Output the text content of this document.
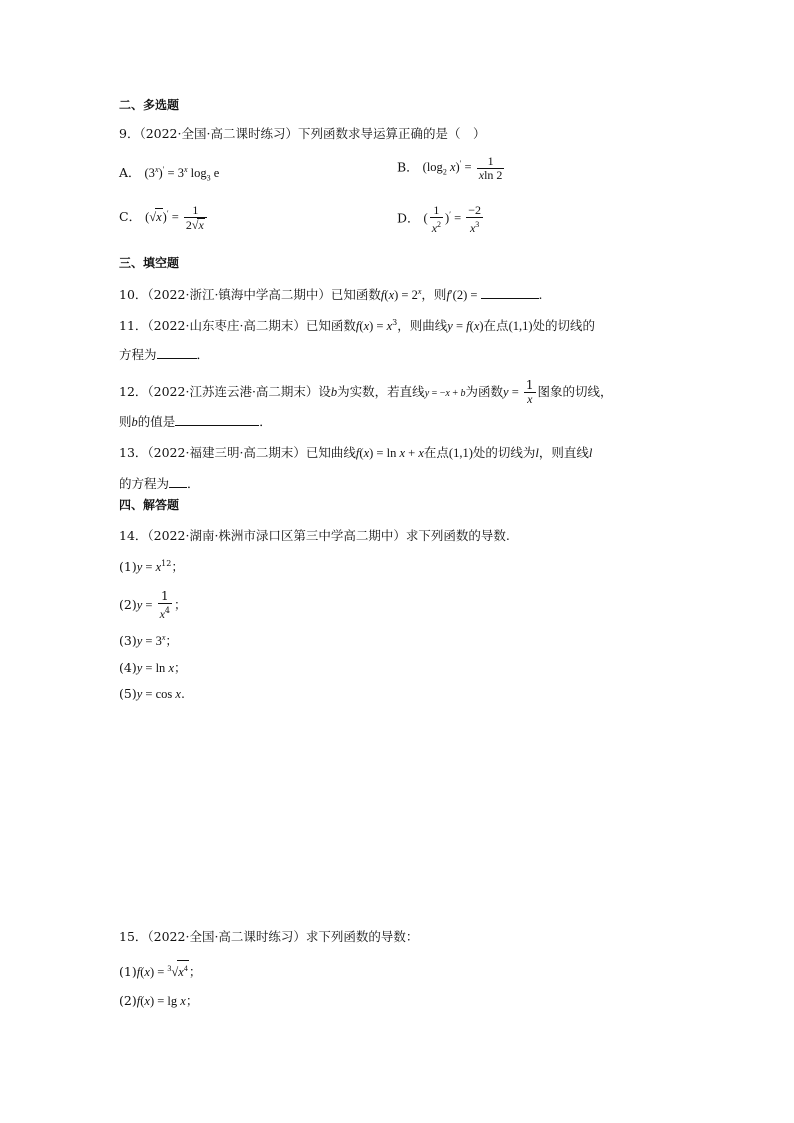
二、多选题
9．（2022·全国·高二课时练习）下列函数求导运算正确的是（　）
A． $(3^x)' = 3^x$ $\log_3 e$	B． ($\log_2$ $x)' = \frac{1}{xln 2}$
C． $(√x)' = \frac{1}{2√x}$	D． ( $\frac{1}{x^2} )' = \frac{-2}{x^3}$
三、填空题
10．（2022·浙江·镇海中学高二期中）已知函数$f(x) = 2^x$，则f′(2) =	.
11．（2022·山东枣庄·高二期末）已知函数$f(x) = x^3$，则曲线y = f(x)在点(1,1)处的切线的
方程为	．
12．（2022·江苏连云港·高二期末）设b为实数，若直线y = −x + b为函数$y = \frac{1}{x}$ 图象的切线，
则b的值是	．
13．（2022·福建三明·高二期末）已知曲线f(x) = ln x + x在点(1,1)处的切线为l，则直线l
的方程为 ．
四、解答题
14．（2022·湖南·株洲市渌口区第三中学高二期中）求下列函数的导数.
$(1)y = x^{12}$；
$(2)y = \frac{1}{x^4}$ ；
$(3)y = 3^x$；
(4)y = ln x；
(5)y = cos x.
15．（2022·全国·高二课时练习）求下列函数的导数：
$(1)f(x) = ^3√x^4$；
(2)f(x) = lg x；
